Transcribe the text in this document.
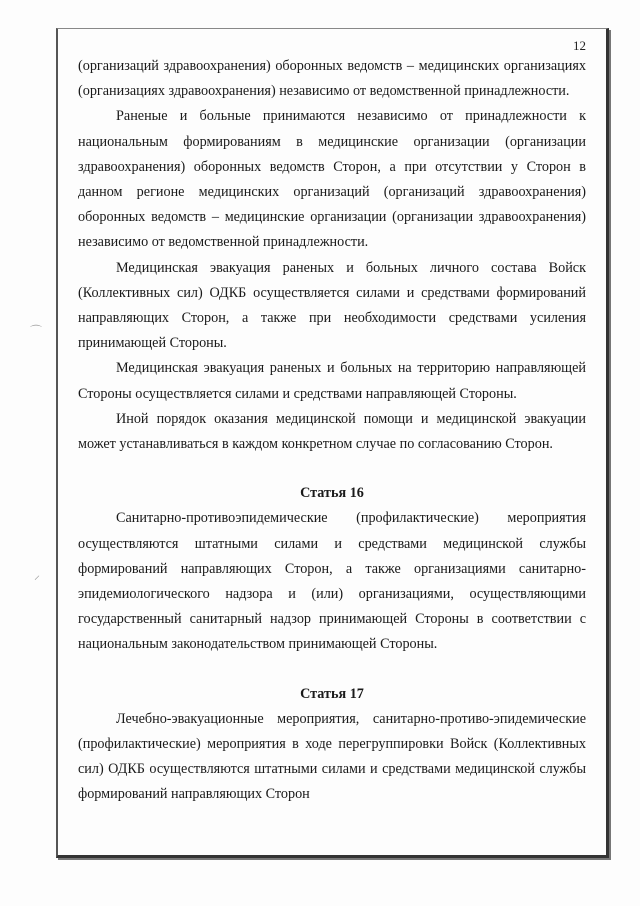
⌒
⸝
12

(организаций здравоохранения) оборонных ведомств – медицинских организациях (организациях здравоохранения) независимо от ведомственной принадлежности.

Раненые и больные принимаются независимо от принадлежности к национальным формированиям в медицинские организации (организации здравоохранения) оборонных ведомств Сторон, а при отсутствии у Сторон в данном регионе медицинских организаций (организаций здравоохранения) оборонных ведомств – медицинские организации (организации здравоохранения) независимо от ведомственной принадлежности.

Медицинская эвакуация раненых и больных личного состава Войск (Коллективных сил) ОДКБ осуществляется силами и средствами формирований направляющих Сторон, а также при необходимости средствами усиления принимающей Стороны.

Медицинская эвакуация раненых и больных на территорию направляющей Стороны осуществляется силами и средствами направляющей Стороны.

Иной порядок оказания медицинской помощи и медицинской эвакуации может устанавливаться в каждом конкретном случае по согласованию Сторон.

Статья 16

Санитарно-противоэпидемические (профилактические) мероприятия осуществляются штатными силами и средствами медицинской службы формирований направляющих Сторон, а также организациями санитарно-эпидемиологического надзора и (или) организациями, осуществляющими государственный санитарный надзор принимающей Стороны в соответствии с национальным законодательством принимающей Стороны.

Статья 17

Лечебно-эвакуационные мероприятия, санитарно-противо-эпидемические (профилактические) мероприятия в ходе перегруппировки Войск (Коллективных сил) ОДКБ осуществляются штатными силами и средствами медицинской службы формирований направляющих Сторон
